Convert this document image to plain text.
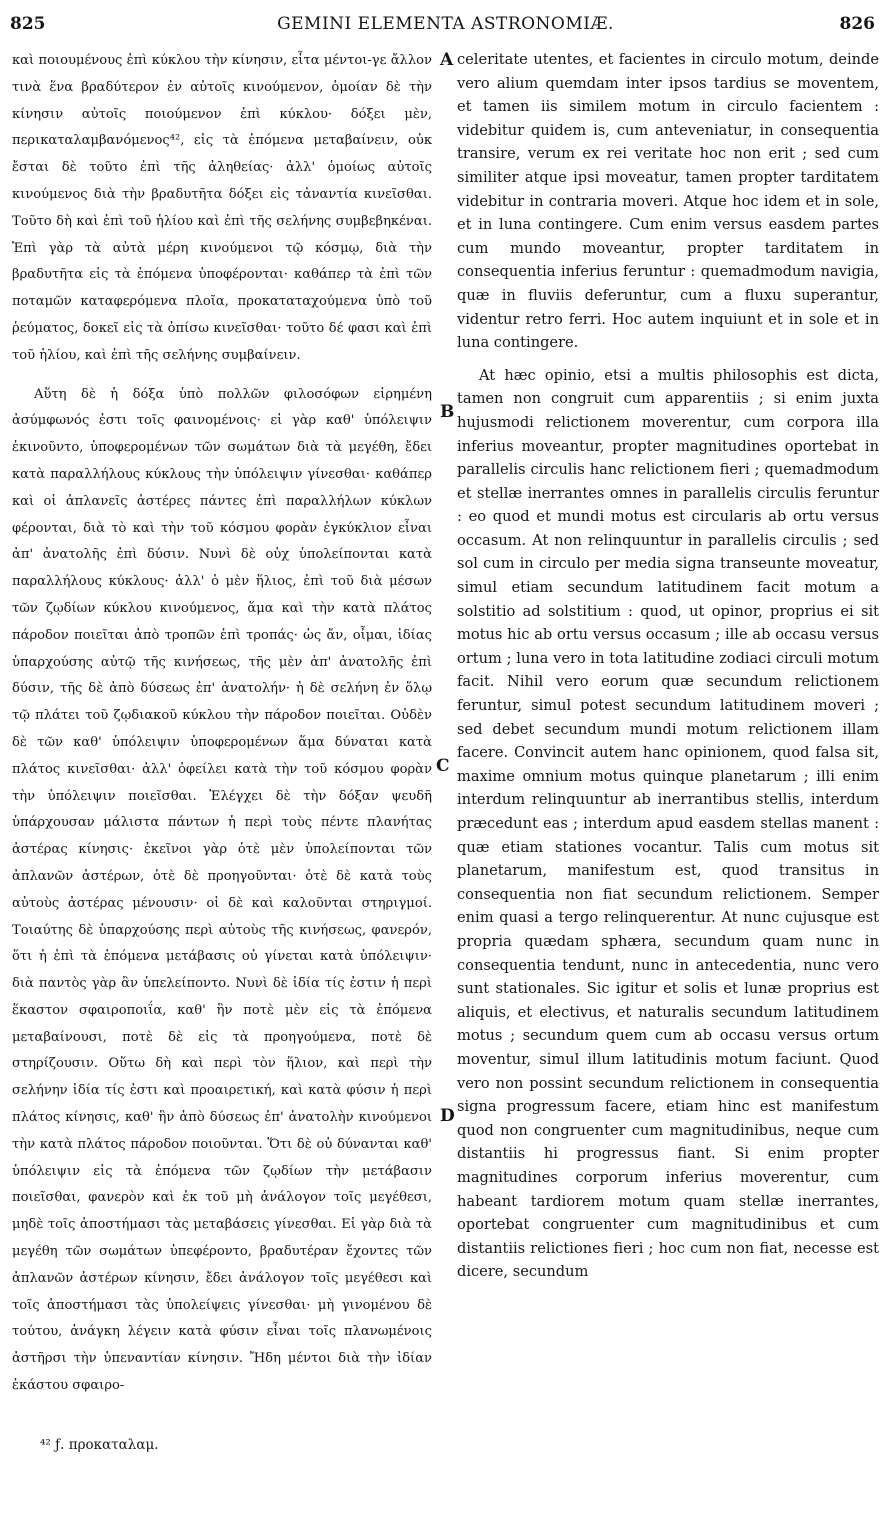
825	GEMINI ELEMENTA ASTRONOMIÆ.	826

καὶ ποιουμένους ἐπὶ κύκλου τὴν κίνησιν, εἶτα μέντοι-γε ἄλλον τινὰ ἕνα βραδύτερον ἐν αὐτοῖς κινούμενον, ὁμοίαν δὲ τὴν κίνησιν αὐτοῖς ποιούμενον ἐπὶ κύκλου· δόξει μὲν, περικαταλαμβανόμενος⁴², εἰς τὰ ἑπόμενα μεταβαίνειν, οὐκ ἔσται δὲ τοῦτο ἐπὶ τῆς ἀληθείας· ἀλλ' ὁμοίως αὐτοῖς κινούμενος διὰ τὴν βραδυτῆτα δόξει εἰς τἀναντία κινεῖσθαι. Τοῦτο δὴ καὶ ἐπὶ τοῦ ἡλίου καὶ ἐπὶ τῆς σελήνης συμβεβηκέναι. Ἐπὶ γὰρ τὰ αὐτὰ μέρη κινούμενοι τῷ κόσμῳ, διὰ τὴν βραδυτῆτα εἰς τὰ ἑπόμενα ὑποφέρονται· καθάπερ τὰ ἐπὶ τῶν ποταμῶν καταφερόμενα πλοῖα, προκαταταχούμενα ὑπὸ τοῦ ῥεύματος, δοκεῖ εἰς τὰ ὀπίσω κινεῖσθαι· τοῦτο δέ φασι καὶ ἐπὶ τοῦ ἡλίου, καὶ ἐπὶ τῆς σελήνης συμβαίνειν.

Αὕτη δὲ ἡ δόξα ὑπὸ πολλῶν φιλοσόφων εἰρημένη ἀσύμφωνός ἐστι τοῖς φαινομένοις· εἰ γὰρ καθ' ὑπόλειψιν ἐκινοῦντο, ὑποφερομένων τῶν σωμάτων διὰ τὰ μεγέθη, ἔδει κατὰ παραλλήλους κύκλους τὴν ὑπόλειψιν γίνεσθαι· καθάπερ καὶ οἱ ἀπλανεῖς ἀστέρες πάντες ἐπὶ παραλλήλων κύκλων φέρονται, διὰ τὸ καὶ τὴν τοῦ κόσμου φορὰν ἐγκύκλιον εἶναι ἀπ' ἀνατολῆς ἐπὶ δύσιν. Νυνὶ δὲ οὐχ ὑπολείπονται κατὰ παραλλήλους κύκλους· ἀλλ' ὁ μὲν ἥλιος, ἐπὶ τοῦ διὰ μέσων τῶν ζῳδίων κύκλου κινούμενος, ἅμα καὶ τὴν κατὰ πλάτος πάροδον ποιεῖται ἀπὸ τροπῶν ἐπὶ τροπάς· ὡς ἄν, οἶμαι, ἰδίας ὑπαρχούσης αὐτῷ τῆς κινήσεως, τῆς μὲν ἀπ' ἀνατολῆς ἐπὶ δύσιν, τῆς δὲ ἀπὸ δύσεως ἐπ' ἀνατολήν· ἡ δὲ σελήνη ἐν ὅλῳ τῷ πλάτει τοῦ ζῳδιακοῦ κύκλου τὴν πάροδον ποιεῖται. Οὐδὲν δὲ τῶν καθ' ὑπόλειψιν ὑποφερομένων ἅμα δύναται κατὰ πλάτος κινεῖσθαι· ἀλλ' ὀφείλει κατὰ τὴν τοῦ κόσμου φορὰν τὴν ὑπόλειψιν ποιεῖσθαι. Ἐλέγχει δὲ τὴν δόξαν ψευδῆ ὑπάρχουσαν μάλιστα πάντων ἡ περὶ τοὺς πέντε πλανήτας ἀστέρας κίνησις· ἐκεῖνοι γὰρ ὁτὲ μὲν ὑπολείπονται τῶν ἀπλανῶν ἀστέρων, ὁτὲ δὲ προηγοῦνται· ὁτὲ δὲ κατὰ τοὺς αὐτοὺς ἀστέρας μένουσιν· οἱ δὲ καὶ καλοῦνται στηριγμοί. Τοιαύτης δὲ ὑπαρχούσης περὶ αὐτοὺς τῆς κινήσεως, φανερόν, ὅτι ἡ ἐπὶ τὰ ἑπόμενα μετάβασις οὐ γίνεται κατὰ ὑπόλειψιν· διὰ παντὸς γὰρ ἂν ὑπελείποντο. Νυνὶ δὲ ἰδία τίς ἐστιν ἡ περὶ ἕκαστον σφαιροποιΐα, καθ' ἣν ποτὲ μὲν εἰς τὰ ἑπόμενα μεταβαίνουσι, ποτὲ δὲ εἰς τὰ προηγούμενα, ποτὲ δὲ στηρίζουσιν. Οὕτω δὴ καὶ περὶ τὸν ἥλιον, καὶ περὶ τὴν σελήνην ἰδία τίς ἐστι καὶ προαιρετική, καὶ κατὰ φύσιν ἡ περὶ πλάτος κίνησις, καθ' ἣν ἀπὸ δύσεως ἐπ' ἀνατολὴν κινούμενοι τὴν κατὰ πλάτος πάροδον ποιοῦνται. Ὅτι δὲ οὐ δύνανται καθ' ὑπόλειψιν εἰς τὰ ἑπόμενα τῶν ζῳδίων τὴν μετάβασιν ποιεῖσθαι, φανερὸν καὶ ἐκ τοῦ μὴ ἀνάλογον τοῖς μεγέθεσι, μηδὲ τοῖς ἀποστήμασι τὰς μεταβάσεις γίνεσθαι. Εἰ γὰρ διὰ τὰ μεγέθη τῶν σωμάτων ὑπεφέροντο, βραδυτέραν ἔχοντες τῶν ἀπλανῶν ἀστέρων κίνησιν, ἔδει ἀνάλογον τοῖς μεγέθεσι καὶ τοῖς ἀποστήμασι τὰς ὑπολείψεις γίνεσθαι· μὴ γινομένου δὲ τούτου, ἀνάγκη λέγειν κατὰ φύσιν εἶναι τοῖς πλανωμένοις ἀστῆρσι τὴν ὑπεναντίαν κίνησιν. Ἤδη μέντοι διὰ τὴν ἰδίαν ἑκάστου σφαιρο-

celeritate utentes, et facientes in circulo motum, deinde vero alium quemdam inter ipsos tardius se moventem, et tamen iis similem motum in circulo facientem : videbitur quidem is, cum anteveniatur, in consequentia transire, verum ex rei veritate hoc non erit ; sed cum similiter atque ipsi moveatur, tamen propter tarditatem videbitur in contraria moveri. Atque hoc idem et in sole, et in luna contingere. Cum enim versus easdem partes cum mundo moveantur, propter tarditatem in consequentia inferius feruntur : quemadmodum navigia, quæ in fluviis deferuntur, cum a fluxu superantur, videntur retro ferri. Hoc autem inquiunt et in sole et in luna contingere.

At hæc opinio, etsi a multis philosophis est dicta, tamen non congruit cum apparentiis ; si enim juxta hujusmodi relictionem moverentur, cum corpora illa inferius moveantur, propter magnitudines oportebat in parallelis circulis hanc relictionem fieri ; quemadmodum et stellæ inerrantes omnes in parallelis circulis feruntur : eo quod et mundi motus est circularis ab ortu versus occasum. At non relinquuntur in parallelis circulis ; sed sol cum in circulo per media signa transeunte moveatur, simul etiam secundum latitudinem facit motum a solstitio ad solstitium : quod, ut opinor, proprius ei sit motus hic ab ortu versus occasum ; ille ab occasu versus ortum ; luna vero in tota latitudine zodiaci circuli motum facit. Nihil vero eorum quæ secundum relictionem feruntur, simul potest secundum latitudinem moveri ; sed debet secundum mundi motum relictionem illam facere. Convincit autem hanc opinionem, quod falsa sit, maxime omnium motus quinque planetarum ; illi enim interdum relinquuntur ab inerrantibus stellis, interdum præcedunt eas ; interdum apud easdem stellas manent : quæ etiam stationes vocantur. Talis cum motus sit planetarum, manifestum est, quod transitus in consequentia non fiat secundum relictionem. Semper enim quasi a tergo relinquerentur. At nunc cujusque est propria quædam sphæra, secundum quam nunc in consequentia tendunt, nunc in antecedentia, nunc vero sunt stationales. Sic igitur et solis et lunæ proprius est aliquis, et electivus, et naturalis secundum latitudinem motus ; secundum quem cum ab occasu versus ortum moventur, simul illum latitudinis motum faciunt. Quod vero non possint secundum relictionem in consequentia signa progressum facere, etiam hinc est manifestum quod non congruenter cum magnitudinibus, neque cum distantiis hi progressus fiant. Si enim propter magnitudines corporum inferius moverentur, cum habeant tardiorem motum quam stellæ inerrantes, oportebat congruenter cum magnitudinibus et cum distantiis relictiones fieri ; hoc cum non fiat, necesse est dicere, secundum

A
B
C
D
⁴² ƒ. προκαταλαμ.
